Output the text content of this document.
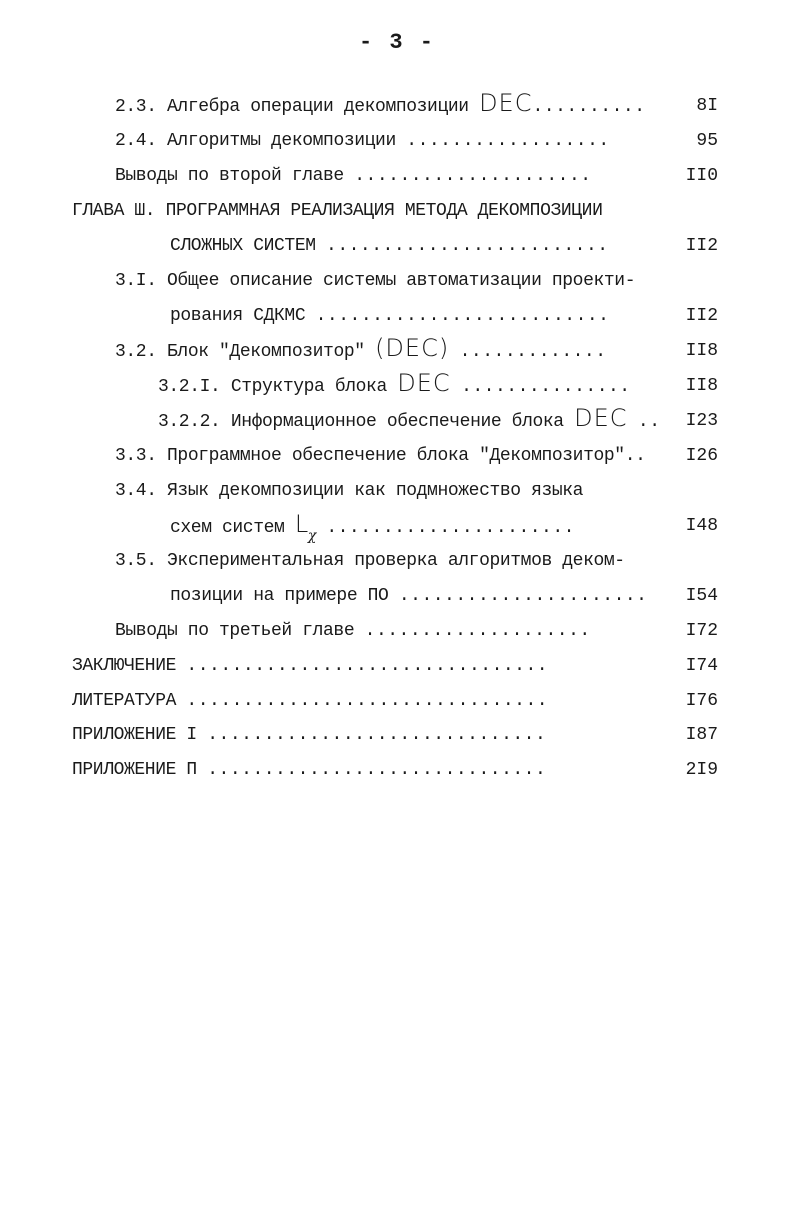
- 3 -
2.3. Алгебра операции декомпозиции DEC..........	8I
2.4. Алгоритмы декомпозиции ..................	95
Выводы по второй главе .....................	II0
ГЛАВА Ш. ПРОГРАММНАЯ РЕАЛИЗАЦИЯ МЕТОДА ДЕКОМПОЗИЦИИ
СЛОЖНЫХ СИСТЕМ .........................	II2
3.I. Общее описание системы автоматизации проекти-
рования СДКМС ..........................	II2
3.2. Блок "Декомпозитор" (DEC) .............	II8
3.2.I. Структура блока DEC ...............	II8
3.2.2. Информационное обеспечение блока DEC ..	I23
3.3. Программное обеспечение блока "Декомпозитор"..	I26
3.4. Язык декомпозиции как подмножество языка
схем систем $L_\chi$ ......................	I48
3.5. Экспериментальная проверка алгоритмов деком-
позиции на примере ПО ......................	I54
Выводы по третьей главе ....................	I72
ЗАКЛЮЧЕНИЕ ................................	I74
ЛИТЕРАТУРА ................................	I76
ПРИЛОЖЕНИЕ I ..............................	I87
ПРИЛОЖЕНИЕ П ..............................	2I9
